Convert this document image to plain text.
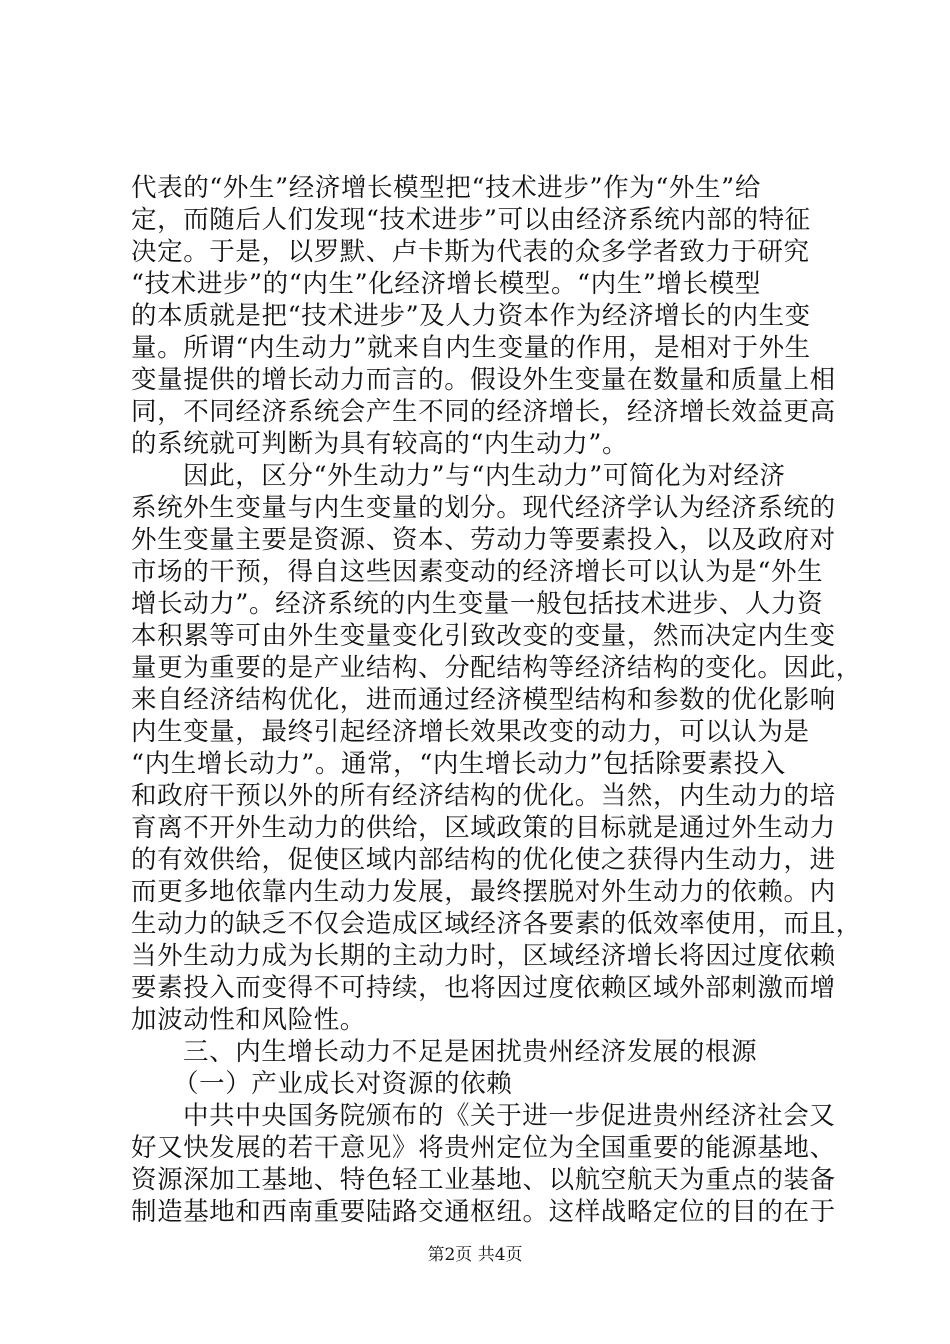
代表的“外生”经济增长模型把“技术进步”作为“外生”给
定，而随后人们发现“技术进步”可以由经济系统内部的特征
决定。于是，以罗默、卢卡斯为代表的众多学者致力于研究
“技术进步”的“内生”化经济增长模型。“内生”增长模型
的本质就是把“技术进步”及人力资本作为经济增长的内生变
量。所谓“内生动力”就来自内生变量的作用，是相对于外生
变量提供的增长动力而言的。假设外生变量在数量和质量上相
同，不同经济系统会产生不同的经济增长，经济增长效益更高
的系统就可判断为具有较高的“内生动力”。
因此，区分“外生动力”与“内生动力”可简化为对经济
系统外生变量与内生变量的划分。现代经济学认为经济系统的
外生变量主要是资源、资本、劳动力等要素投入，以及政府对
市场的干预，得自这些因素变动的经济增长可以认为是“外生
增长动力”。经济系统的内生变量一般包括技术进步、人力资
本积累等可由外生变量变化引致改变的变量，然而决定内生变
量更为重要的是产业结构、分配结构等经济结构的变化。因此，
来自经济结构优化，进而通过经济模型结构和参数的优化影响
内生变量，最终引起经济增长效果改变的动力，可以认为是
“内生增长动力”。通常，“内生增长动力”包括除要素投入
和政府干预以外的所有经济结构的优化。当然，内生动力的培
育离不开外生动力的供给，区域政策的目标就是通过外生动力
的有效供给，促使区域内部结构的优化使之获得内生动力，进
而更多地依靠内生动力发展，最终摆脱对外生动力的依赖。内
生动力的缺乏不仅会造成区域经济各要素的低效率使用，而且，
当外生动力成为长期的主动力时，区域经济增长将因过度依赖
要素投入而变得不可持续，也将因过度依赖区域外部刺激而增
加波动性和风险性。
三、内生增长动力不足是困扰贵州经济发展的根源
（一）产业成长对资源的依赖
中共中央国务院颁布的《关于进一步促进贵州经济社会又
好又快发展的若干意见》将贵州定位为全国重要的能源基地、
资源深加工基地、特色轻工业基地、以航空航天为重点的装备
制造基地和西南重要陆路交通枢纽。这样战略定位的目的在于
第2页 共4页
